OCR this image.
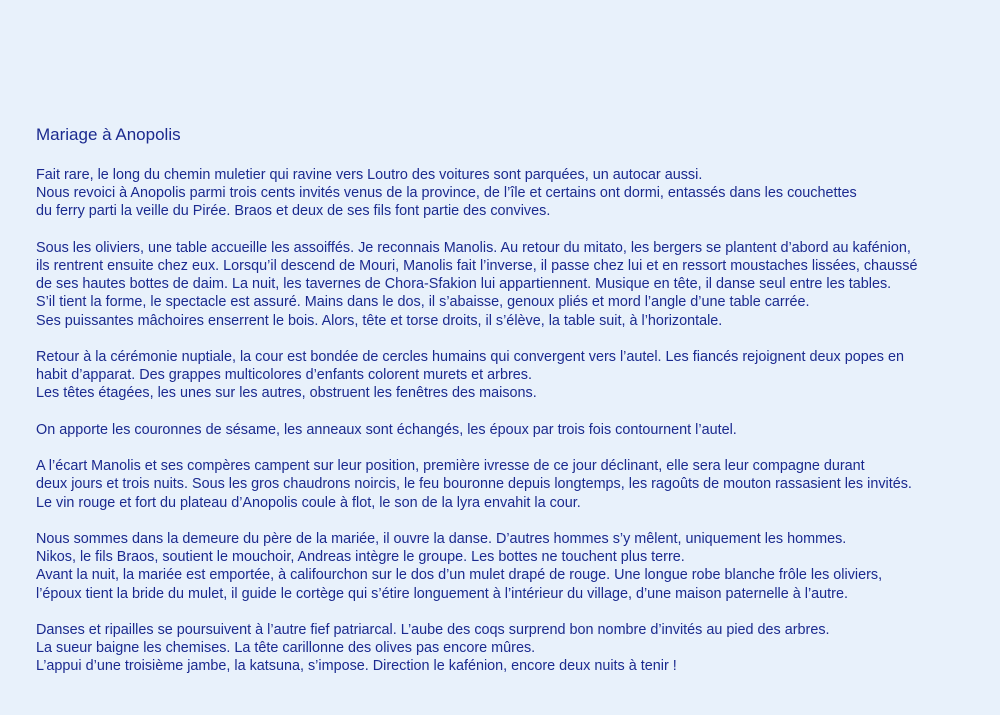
Mariage à Anopolis

Fait rare, le long du chemin muletier qui ravine vers Loutro des voitures sont parquées, un autocar aussi.
Nous revoici à Anopolis parmi trois cents invités venus de la province, de l’île et certains ont dormi, entassés dans les couchettes
du ferry parti la veille du Pirée. Braos et deux de ses fils font partie des convives.

Sous les oliviers, une table accueille les assoiffés. Je reconnais Manolis. Au retour du mitato, les bergers se plantent d’abord au kafénion,
ils rentrent ensuite chez eux. Lorsqu’il descend de Mouri, Manolis fait l’inverse, il passe chez lui et en ressort moustaches lissées, chaussé
de ses hautes bottes de daim. La nuit, les tavernes de Chora-Sfakion lui appartiennent. Musique en tête, il danse seul entre les tables.
S’il tient la forme, le spectacle est assuré. Mains dans le dos, il s’abaisse, genoux pliés et mord l’angle d’une table carrée.
Ses puissantes mâchoires enserrent le bois. Alors, tête et torse droits, il s’élève, la table suit, à l’horizontale.

Retour à la cérémonie nuptiale, la cour est bondée de cercles humains qui convergent vers l’autel. Les fiancés rejoignent deux popes en
habit d’apparat. Des grappes multicolores d’enfants colorent murets et arbres.
Les têtes étagées, les unes sur les autres, obstruent les fenêtres des maisons.

On apporte les couronnes de sésame, les anneaux sont échangés, les époux par trois fois contournent l’autel.

A l’écart Manolis et ses compères campent sur leur position, première ivresse de ce jour déclinant, elle sera leur compagne durant
deux jours et trois nuits. Sous les gros chaudrons noircis, le feu bouronne depuis longtemps, les ragoûts de mouton rassasient les invités.
Le vin rouge et fort du plateau d’Anopolis coule à flot, le son de la lyra envahit la cour.

Nous sommes dans la demeure du père de la mariée, il ouvre la danse. D’autres hommes s’y mêlent, uniquement les hommes.
Nikos, le fils Braos, soutient le mouchoir, Andreas intègre le groupe. Les bottes ne touchent plus terre.
Avant la nuit, la mariée est emportée, à califourchon sur le dos d’un mulet drapé de rouge. Une longue robe blanche frôle les oliviers,
l’époux tient la bride du mulet, il guide le cortège qui s’étire longuement à l’intérieur du village, d’une maison paternelle à l’autre.

Danses et ripailles se poursuivent à l’autre fief patriarcal. L’aube des coqs surprend bon nombre d’invités au pied des arbres.
La sueur baigne les chemises. La tête carillonne des olives pas encore mûres.
L’appui d’une troisième jambe, la katsuna, s’impose. Direction le kafénion, encore deux nuits à tenir !
